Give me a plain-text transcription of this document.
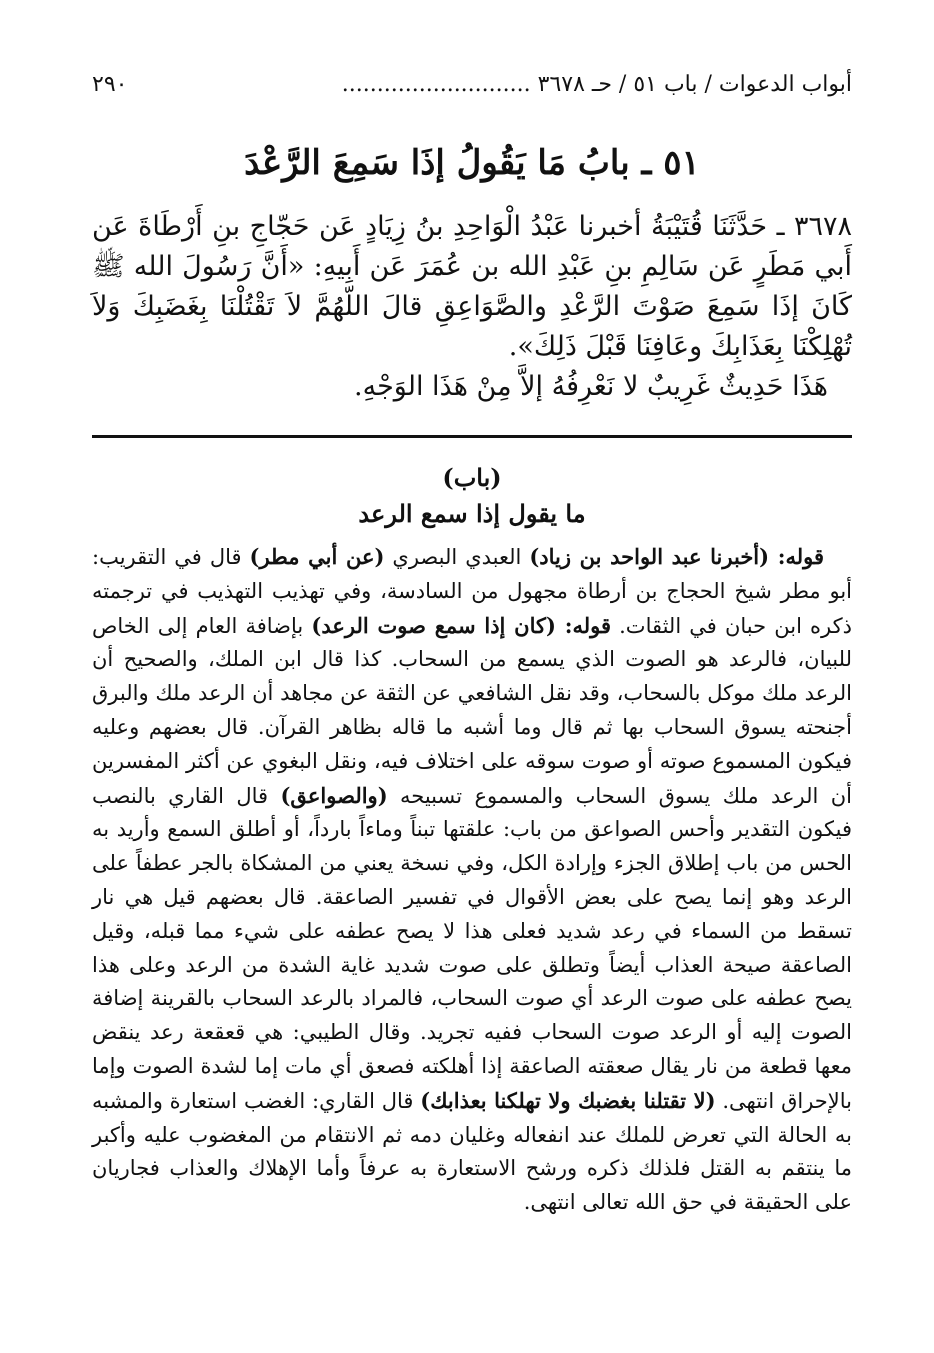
أبواب الدعوات / باب ٥١ / حـ ٣٦٧٨ ...........................
٢٩٠
٥١ ـ بابُ مَا يَقُولُ إذَا سَمِعَ الرَّعْدَ
٣٦٧٨ ـ حَدَّثَنَا قُتَيْبَةُ أخبرنا عَبْدُ الْوَاحِدِ بنُ زِيَادٍ عَن حَجّاجِ بنِ أَرْطَاةَ عَن أَبي مَطَرٍ عَن سَالِمِ بنِ عَبْدِ الله بن عُمَرَ عَن أَبِيهِ: «أَنَّ رَسُولَ الله ﷺ كَانَ إذَا سَمِعَ صَوْتَ الرَّعْدِ والصَّوَاعِقِ قالَ اللّهُمَّ لاَ تَقْتُلْنَا بِغَضَبِكَ وَلاَ تُهْلِكْنَا بِعَذَابِكَ وعَافِنَا قَبْلَ ذَلِكَ».
هَذَا حَدِيثٌ غَرِيبٌ لا نَعْرِفُهُ إلاَّ مِنْ هَذَا الوَجْهِ.
(باب)
ما يقول إذا سمع الرعد

قوله: (أخبرنا عبد الواحد بن زياد) العبدي البصري (عن أبي مطر) قال في التقريب: أبو مطر شيخ الحجاج بن أرطاة مجهول من السادسة، وفي تهذيب التهذيب في ترجمته ذكره ابن حبان في الثقات. قوله: (كان إذا سمع صوت الرعد) بإضافة العام إلى الخاص للبيان، فالرعد هو الصوت الذي يسمع من السحاب. كذا قال ابن الملك، والصحيح أن الرعد ملك موكل بالسحاب، وقد نقل الشافعي عن الثقة عن مجاهد أن الرعد ملك والبرق أجنحته يسوق السحاب بها ثم قال وما أشبه ما قاله بظاهر القرآن. قال بعضهم وعليه فيكون المسموع صوته أو صوت سوقه على اختلاف فيه، ونقل البغوي عن أكثر المفسرين أن الرعد ملك يسوق السحاب والمسموع تسبيحه (والصواعق) قال القاري بالنصب فيكون التقدير وأحس الصواعق من باب: علقتها تبناً وماءاً بارداً، أو أطلق السمع وأريد به الحس من باب إطلاق الجزء وإرادة الكل، وفي نسخة يعني من المشكاة بالجر عطفاً على الرعد وهو إنما يصح على بعض الأقوال في تفسير الصاعقة. قال بعضهم قيل هي نار تسقط من السماء في رعد شديد فعلى هذا لا يصح عطفه على شيء مما قبله، وقيل الصاعقة صيحة العذاب أيضاً وتطلق على صوت شديد غاية الشدة من الرعد وعلى هذا يصح عطفه على صوت الرعد أي صوت السحاب، فالمراد بالرعد السحاب بالقرينة إضافة الصوت إليه أو الرعد صوت السحاب ففيه تجريد. وقال الطيبي: هي قعقعة رعد ينقض معها قطعة من نار يقال صعقته الصاعقة إذا أهلكته فصعق أي مات إما لشدة الصوت وإما بالإحراق انتهى. (لا تقتلنا بغضبك ولا تهلكنا بعذابك) قال القاري: الغضب استعارة والمشبه به الحالة التي تعرض للملك عند انفعاله وغليان دمه ثم الانتقام من المغضوب عليه وأكبر ما ينتقم به القتل فلذلك ذكره ورشح الاستعارة به عرفاً وأما الإهلاك والعذاب فجاريان على الحقيقة في حق الله تعالى انتهى.
